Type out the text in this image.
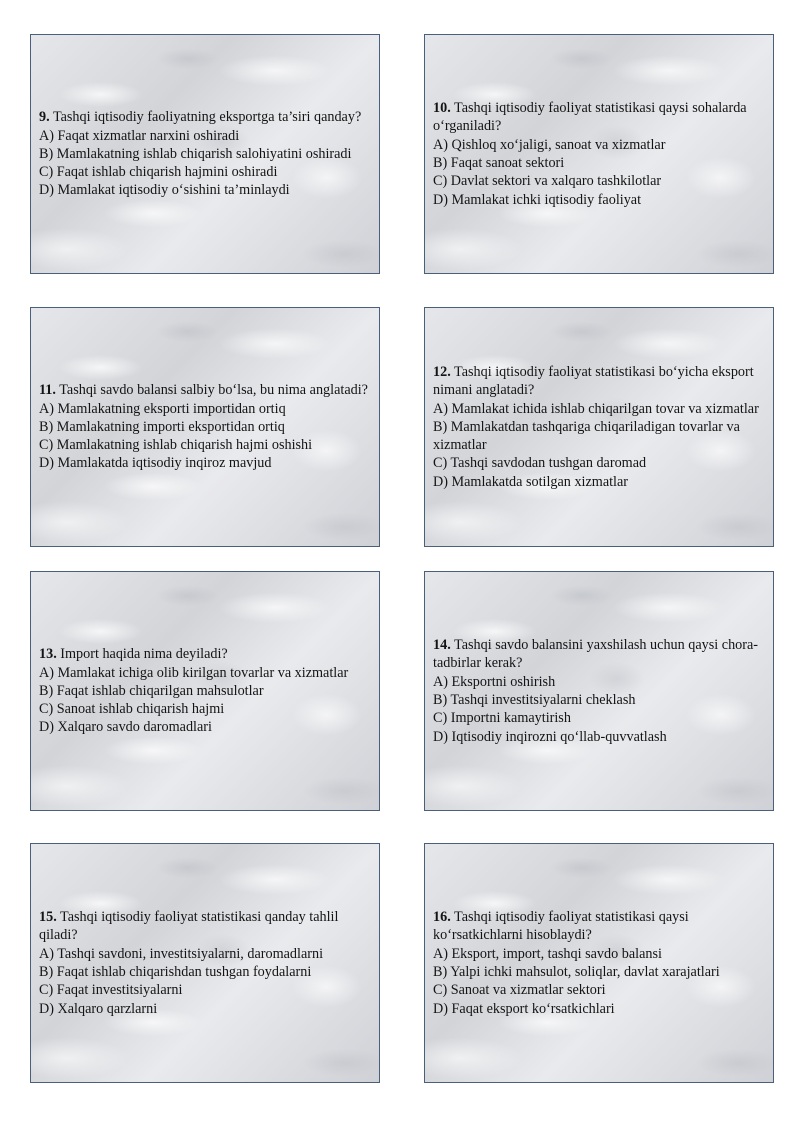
9. Tashqi iqtisodiy faoliyatning eksportga ta’siri qanday?
A) Faqat xizmatlar narxini oshiradi
B) Mamlakatning ishlab chiqarish salohiyatini oshiradi
C) Faqat ishlab chiqarish hajmini oshiradi
D) Mamlakat iqtisodiy o‘sishini ta’minlaydi
10. Tashqi iqtisodiy faoliyat statistikasi qaysi sohalarda o‘rganiladi?
A) Qishloq xo‘jaligi, sanoat va xizmatlar
B) Faqat sanoat sektori
C) Davlat sektori va xalqaro tashkilotlar
D) Mamlakat ichki iqtisodiy faoliyat
11. Tashqi savdo balansi salbiy bo‘lsa, bu nima anglatadi?
A) Mamlakatning eksporti importidan ortiq
B) Mamlakatning importi eksportidan ortiq
C) Mamlakatning ishlab chiqarish hajmi oshishi
D) Mamlakatda iqtisodiy inqiroz mavjud
12. Tashqi iqtisodiy faoliyat statistikasi bo‘yicha eksport nimani anglatadi?
A) Mamlakat ichida ishlab chiqarilgan tovar va xizmatlar
B) Mamlakatdan tashqariga chiqariladigan tovarlar va xizmatlar
C) Tashqi savdodan tushgan daromad
D) Mamlakatda sotilgan xizmatlar
13. Import haqida nima deyiladi?
A) Mamlakat ichiga olib kirilgan tovarlar va xizmatlar
B) Faqat ishlab chiqarilgan mahsulotlar
C) Sanoat ishlab chiqarish hajmi
D) Xalqaro savdo daromadlari
14. Tashqi savdo balansini yaxshilash uchun qaysi chora-tadbirlar kerak?
A) Eksportni oshirish
B) Tashqi investitsiyalarni cheklash
C) Importni kamaytirish
D) Iqtisodiy inqirozni qo‘llab-quvvatlash
15. Tashqi iqtisodiy faoliyat statistikasi qanday tahlil qiladi?
A) Tashqi savdoni, investitsiyalarni, daromadlarni
B) Faqat ishlab chiqarishdan tushgan foydalarni
C) Faqat investitsiyalarni
D) Xalqaro qarzlarni
16. Tashqi iqtisodiy faoliyat statistikasi qaysi ko‘rsatkichlarni hisoblaydi?
A) Eksport, import, tashqi savdo balansi
B) Yalpi ichki mahsulot, soliqlar, davlat xarajatlari
C) Sanoat va xizmatlar sektori
D) Faqat eksport ko‘rsatkichlari
